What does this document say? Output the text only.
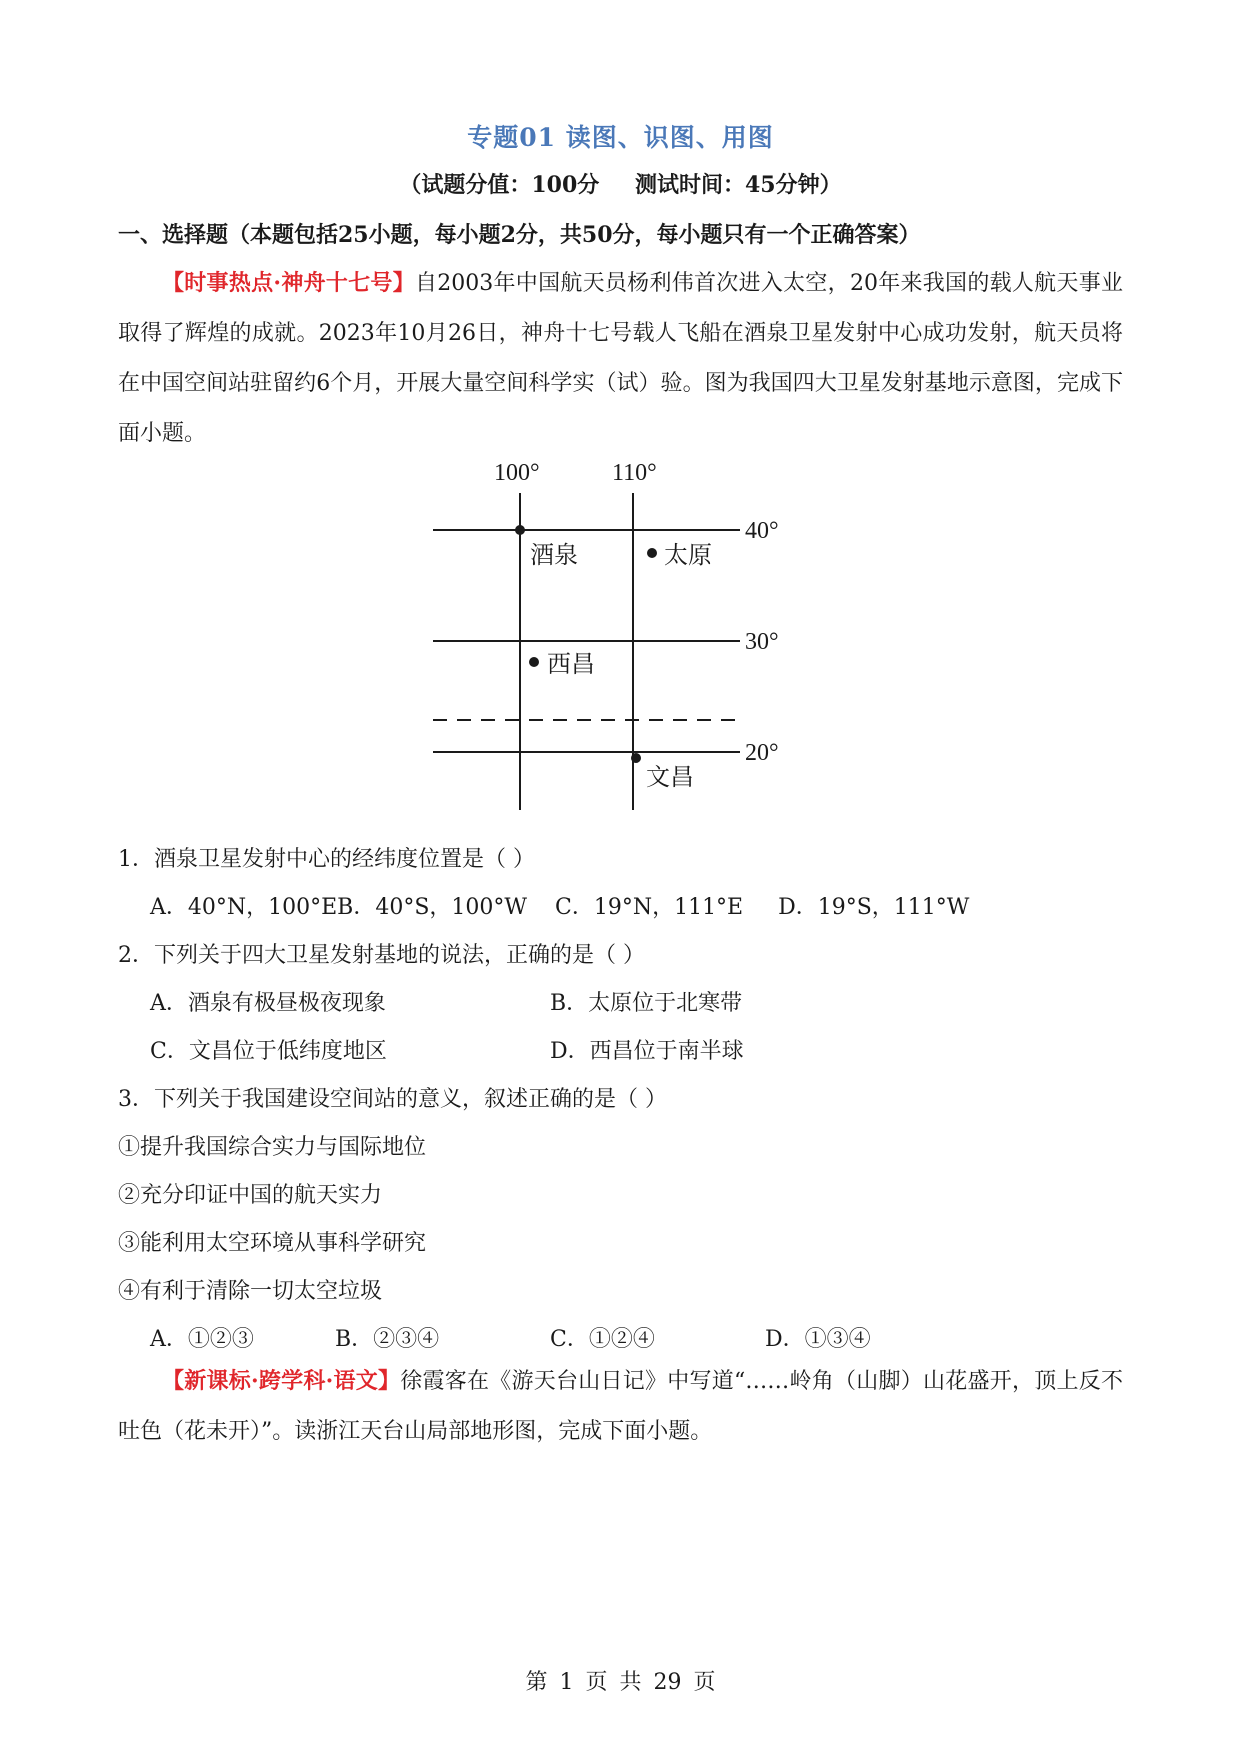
专题01 读图、识图、用图
（试题分值：100分 测试时间：45分钟）
一、选择题（本题包括25小题，每小题2分，共50分，每小题只有一个正确答案）
【时事热点·神舟十七号】自2003年中国航天员杨利伟首次进入太空，20年来我国的载人航天事业取得了辉煌的成就。2023年10月26日，神舟十七号载人飞船在酒泉卫星发射中心成功发射，航天员将在中国空间站驻留约6个月，开展大量空间科学实（试）验。图为我国四大卫星发射基地示意图，完成下面小题。
100°	110°
40°
30°
20°
酒泉	太原
西昌
文昌
1．酒泉卫星发射中心的经纬度位置是（ ）
A．40°N，100°EB．40°S，100°W    C．19°N，111°E     D．19°S，111°W
2．下列关于四大卫星发射基地的说法，正确的是（ ）
A．酒泉有极昼极夜现象	B．太原位于北寒带
C．文昌位于低纬度地区	D．西昌位于南半球
3．下列关于我国建设空间站的意义，叙述正确的是（ ）
①提升我国综合实力与国际地位
②充分印证中国的航天实力
③能利用太空环境从事科学研究
④有利于清除一切太空垃圾
A．①②③	B．②③④	C．①②④	D．①③④
【新课标·跨学科·语文】徐霞客在《游天台山日记》中写道“……岭角（山脚）山花盛开，顶上反不吐色（花未开）”。读浙江天台山局部地形图，完成下面小题。
第 1 页 共 29 页
